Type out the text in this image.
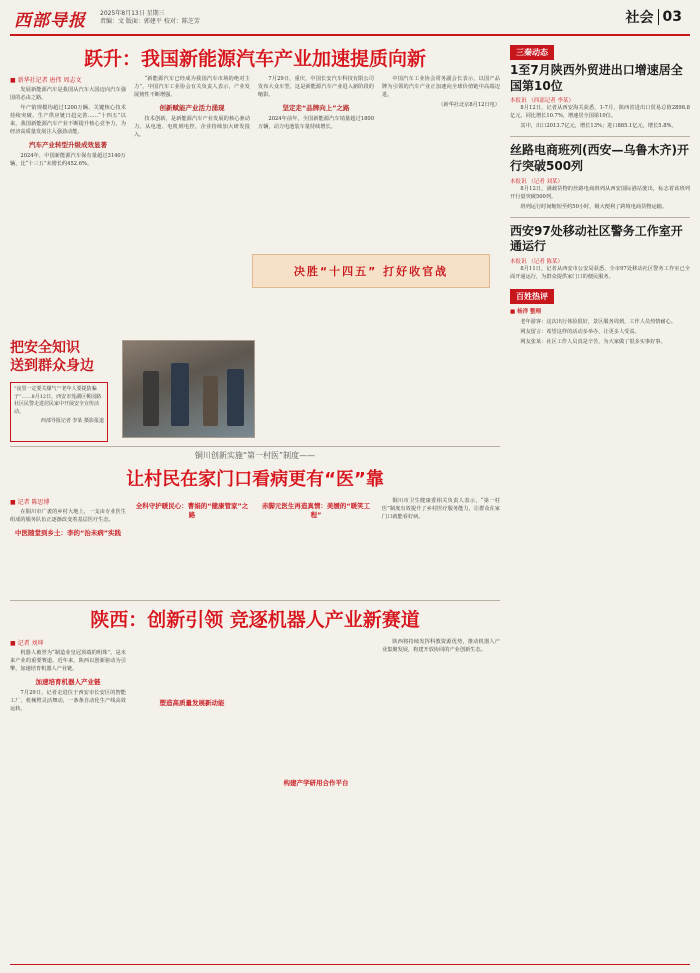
西部导报 2025年8月13日 星期三
责编：文 版面：郭建平 校对：陈芝芳	社会 03
跃升：我国新能源汽车产业加速提质向新
■ 新华社记者 唐伟 周志文

发展新能源汽车是我国从汽车大国迈向汽车强国的必由之路。

年产销规模均超过1200万辆、关键核心技术持续突破、生产供应链日趋完善……“十四五”以来，我国新能源汽车产业不断提升核心竞争力，为经济高质量发展注入强劲动能。

汽车产业转型升级成效显著

2024年，中国新能源汽车保有量超过3140万辆，比“十三五”末增长约452.6%。

“新能源汽车已经成为我国汽车市场的绝对主力”，中国汽车工业协会有关负责人表示，产业发展韧性不断增强。

创新赋能产业活力涌现

技术创新，是新能源汽车产业发展的核心驱动力。从电池、电机到电控，企业持续加大研发投入。

7月29日，重庆，中国长安汽车科技有限公司发布大众车型。这是新能源汽车产业进入新阶段的缩影。

坚定走“品牌向上”之路

2024年前年，全国新能源汽车销量超过1800万辆，动力电池装车量持续增长。

中国汽车工业协会常务副会长表示，以国产品牌为引领的汽车产业正加速向全球价值链中高端迈进。

（新华社北京8月12日电）

决胜“十四五” 打好收官战
把安全知识
送到群众身边

“夜里一定要关煤气”“老年人要提防骗子”……8月12日，西安市莲湖区桃园路社区民警走进居民家中开展安全宣传活动。

西部导报记者 李某 摄影报道

铜川创新实施“第一村医”制度——
让村民在家门口看病更有“医”靠
■ 记者 陈思博

在铜川市广袤的乡村大地上，一支由专业医生组成的服务队伍正逐渐改变着基层医疗生态。

中医随堂到乡土：李的“治未病”实践
全科守护暖民心：曹娟的“健康管家”之路
赤脚元医生再造真情：美媛的“暖笑工程”

铜川市卫生健康委相关负责人表示，“第一村医”制度有效提升了乡村医疗服务能力，让群众在家门口就能看好病。

陕西：创新引领 竞逐机器人产业新赛道
■ 记者 刘坤

机器人被誉为“制造业皇冠顶端的明珠”，是未来产业的重要赛道。近年来，陕西以创新驱动为引擎，加速培育机器人产业链。

加速培育机器人产业链

7月29日，记者走进位于西安市长安区的智能工厂，机械臂灵活舞动，一条条自动化生产线高效运转。

塑造高质量发展新动能
构建产学研用合作平台

陕西将持续发挥科教资源优势，推动机器人产业集聚发展，构建开放协同的产业创新生态。

三秦动态
1至7月陕西外贸进出口增速居全国第10位
本报讯 （西部记者 李某）

8月12日，记者从西安海关获悉，1-7月，陕西省进出口贸易总值2898.8亿元，同比增长10.7%，增速居全国第10位。

其中，出口2013.7亿元，增长13%；进口885.1亿元，增长5.8%。

丝路电商班列(西安—乌鲁木齐)开行突破500列
本报讯 （记者 刘某）

8月12日，满载货物的丝路电商班列从西安国际港站驶出，标志着该班列开行量突破500列。

班列运行时间缩短至约50小时，极大便利了跨境电商货物运输。

西安97处移动社区警务工作室开通运行
本报讯 （记者 陈某）

8月11日，记者从西安市公安局获悉，全市97处移动社区警务工作室已全面开通运行，为群众提供家门口的便民服务。

百姓热评
■ 杨洋 整理

老年游客：这次出行体验很好，景区服务周到，工作人员热情耐心。

网友留言：希望这样的活动多举办，让更多人受益。

网友张某：社区工作人员真是辛苦，为大家做了很多实事好事。
